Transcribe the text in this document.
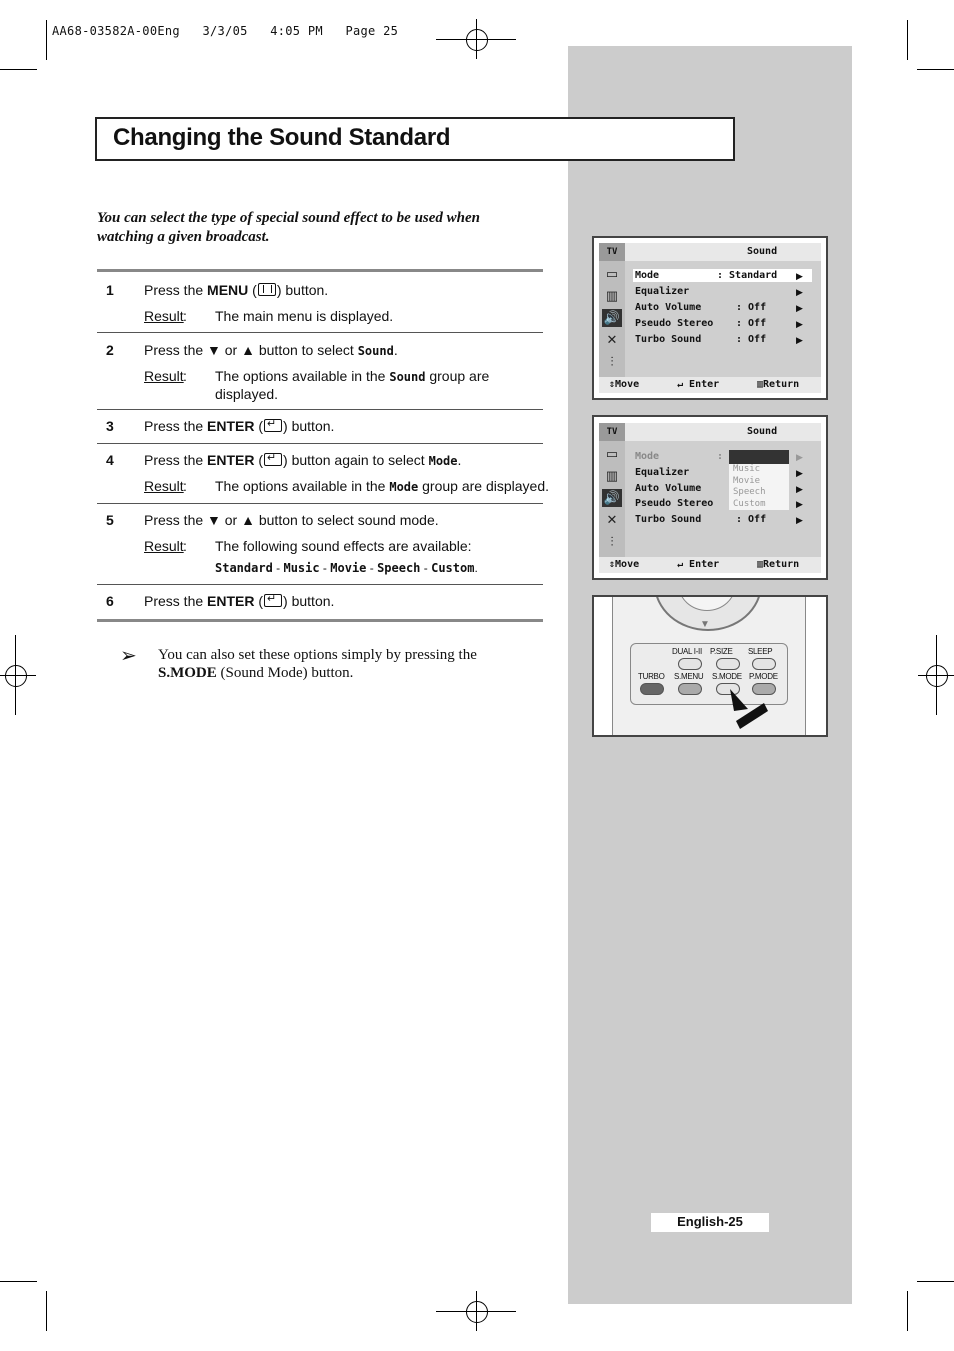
AA68-03582A-00Eng   3/3/05   4:05 PM   Page 25
Changing the Sound Standard
You can select the type of special sound effect to be used when watching a given broadcast.
1 Press the MENU ( ) button.
Result : The main menu is displayed.
2 Press the ▼ or ▲ button to select Sound.
Result : The options available in the Sound group are displayed.
3 Press the ENTER ( ↵ ) button.
4 Press the ENTER ( ↵ ) button again to select Mode.
Result : The options available in the Mode group are displayed.
5 Press the ▼ or ▲ button to select sound mode.
Result : The following sound effects are available:
Standard - Music - Movie - Speech - Custom.
6 Press the ENTER ( ↵ ) button.
➢ You can also set these options simply by pressing the S.MODE (Sound Mode) button.
Sound
TV
▭
▥
🔊
✕
⫶
Mode	: Standard
Equalizer
Auto Volume	: Off
Pseudo Stereo : Off
Turbo Sound	: Off
▶
▶
▶
▶
▶
⇕Move	↵ Enter	▥Return
Sound
TV
▭
▥
🔊
✕
⫶
Mode	:
Equalizer
Auto Volume
Pseudo Stereo
Turbo Sound	: Off
▶
▶
▶
▶
▶
Music
Movie
Speech
Custom
⇕Move	↵ Enter	▥Return
▼
DUAL I-II P.SIZE SLEEP
TURBO S.MENU S.MODE P.MODE
English-25
